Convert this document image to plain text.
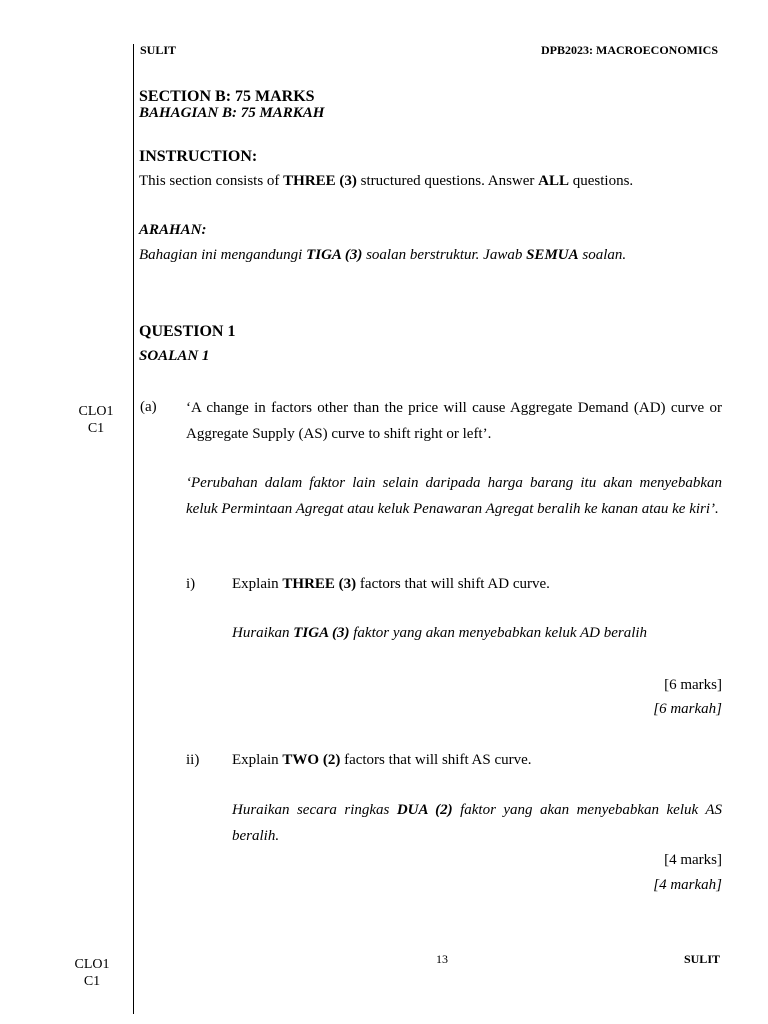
SULIT	DPB2023: MACROECONOMICS
SECTION B: 75 MARKS
BAHAGIAN B: 75 MARKAH
INSTRUCTION:
This section consists of THREE (3) structured questions. Answer ALL questions.
ARAHAN:
Bahagian ini mengandungi TIGA (3) soalan berstruktur. Jawab SEMUA soalan.
QUESTION 1
SOALAN 1
CLO1
C1
CLO1
C1
(a) ‘A change in factors other than the price will cause Aggregate Demand (AD) curve or Aggregate Supply (AS) curve to shift right or left’.
‘Perubahan dalam faktor lain selain daripada harga barang itu akan menyebabkan keluk Permintaan Agregat atau keluk Penawaran Agregat beralih ke kanan atau ke kiri’.
i) Explain THREE (3) factors that will shift AD curve.
Huraikan TIGA (3) faktor yang akan menyebabkan keluk AD beralih
[6 marks]
[6 markah]
ii) Explain TWO (2) factors that will shift AS curve.
Huraikan secara ringkas DUA (2) faktor yang akan menyebabkan keluk AS beralih.
[4 marks]
[4 markah]
13	SULIT
